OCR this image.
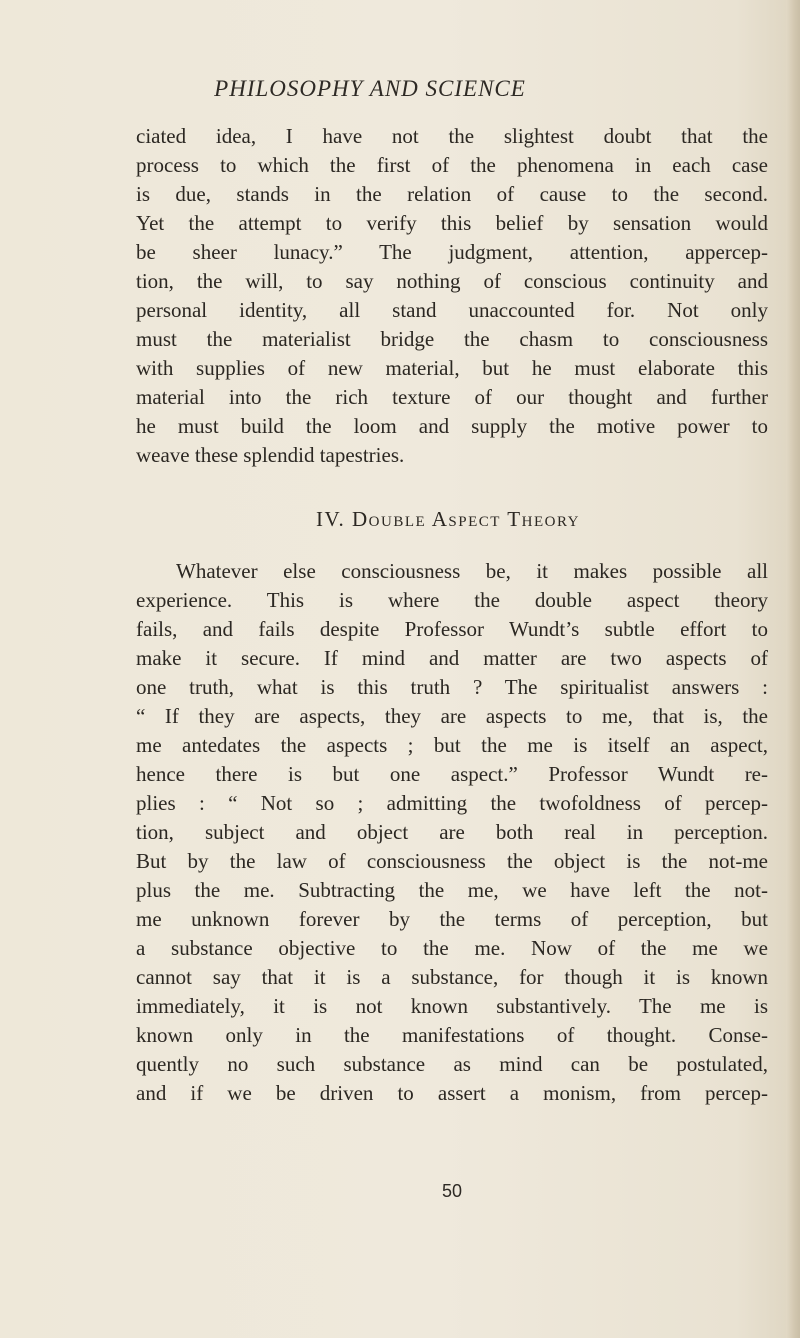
PHILOSOPHY AND SCIENCE
ciated idea, I have not the slightest doubt that the
process to which the first of the phenomena in each case
is due, stands in the relation of cause to the second.
Yet the attempt to verify this belief by sensation would
be sheer lunacy.” The judgment, attention, appercep-
tion, the will, to say nothing of conscious continuity and
personal identity, all stand unaccounted for. Not only
must the materialist bridge the chasm to consciousness
with supplies of new material, but he must elaborate this
material into the rich texture of our thought and further
he must build the loom and supply the motive power to
weave these splendid tapestries.
IV. Double Aspect Theory
Whatever else consciousness be, it makes possible all
experience. This is where the double aspect theory
fails, and fails despite Professor Wundt’s subtle effort to
make it secure. If mind and matter are two aspects of
one truth, what is this truth ? The spiritualist answers :
“ If they are aspects, they are aspects to me, that is, the
me antedates the aspects ; but the me is itself an aspect,
hence there is but one aspect.” Professor Wundt re-
plies : “ Not so ; admitting the twofoldness of percep-
tion, subject and object are both real in perception.
But by the law of consciousness the object is the not-me
plus the me. Subtracting the me, we have left the not-
me unknown forever by the terms of perception, but
a substance objective to the me. Now of the me we
cannot say that it is a substance, for though it is known
immediately, it is not known substantively. The me is
known only in the manifestations of thought. Conse-
quently no such substance as mind can be postulated,
and if we be driven to assert a monism, from percep-
50
